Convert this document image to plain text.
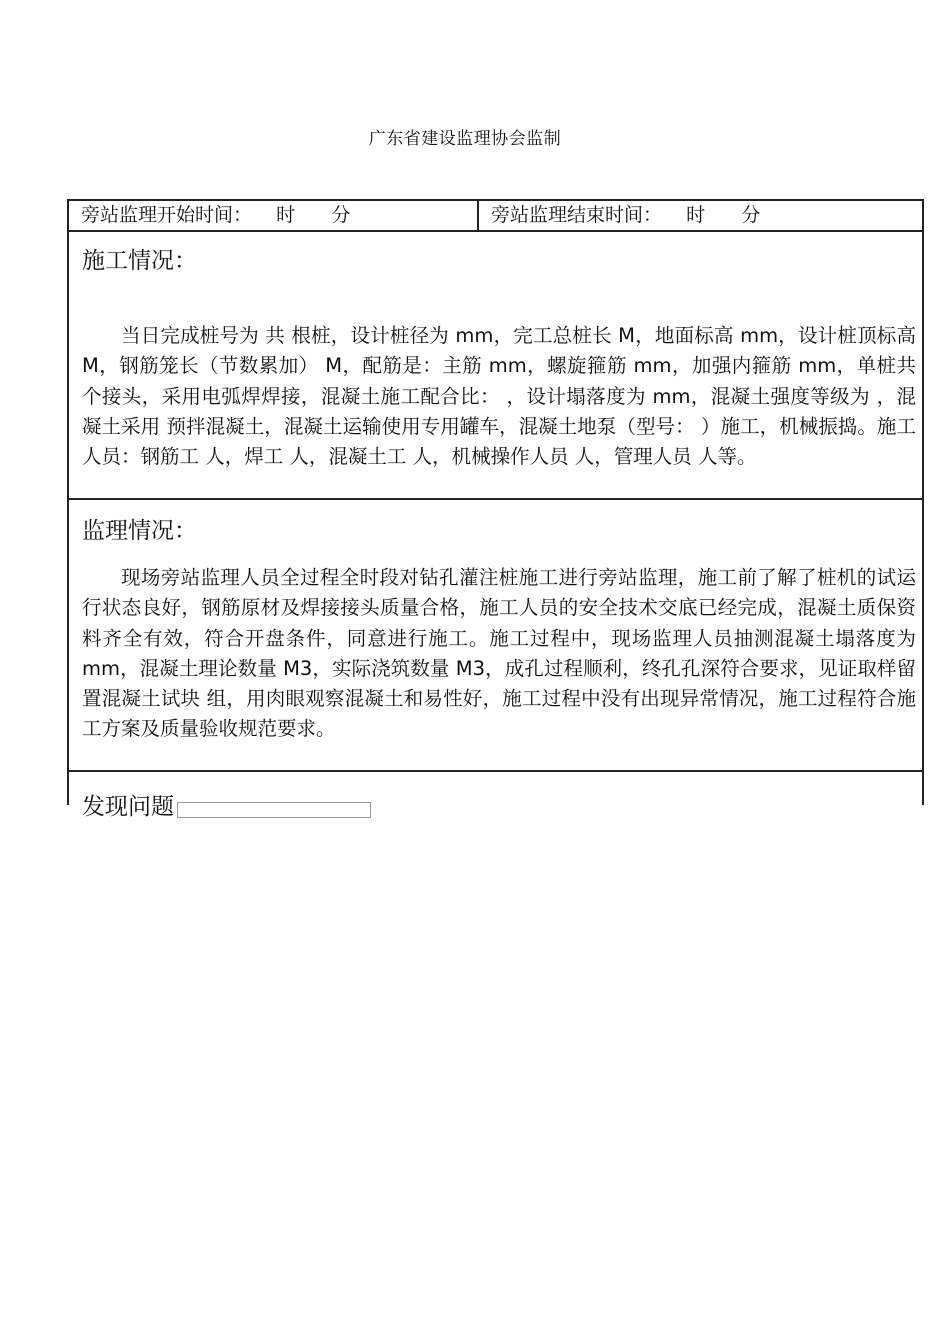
广东省建设监理协会监制
旁站监理开始时间：    时      分	旁站监理结束时间：    时      分
施工情况：

当日完成桩号为 共 根桩，设计桩径为 mm，完工总桩长 M，地面标高 mm，设计桩顶标高 M，钢筋笼长（节数累加） M，配筋是：主筋 mm，螺旋箍筋 mm，加强内箍筋 mm，单桩共 个接头，采用电弧焊焊接，混凝土施工配合比： ，设计塌落度为 mm，混凝土强度等级为 ，混凝土采用 预拌混凝土，混凝土运输使用专用罐车，混凝土地泵（型号： ）施工，机械振捣。施工人员：钢筋工 人，焊工 人，混凝土工 人，机械操作人员 人，管理人员 人等。

监理情况：

现场旁站监理人员全过程全时段对钻孔灌注桩施工进行旁站监理，施工前了解了桩机的试运行状态良好，钢筋原材及焊接接头质量合格，施工人员的安全技术交底已经完成，混凝土质保资料齐全有效，符合开盘条件，同意进行施工。施工过程中，现场监理人员抽测混凝土塌落度为 mm，混凝土理论数量 M3，实际浇筑数量 M3，成孔过程顺利，终孔孔深符合要求，见证取样留置混凝土试块 组，用肉眼观察混凝土和易性好，施工过程中没有出现异常情况，施工过程符合施工方案及质量验收规范要求。

发现问题
